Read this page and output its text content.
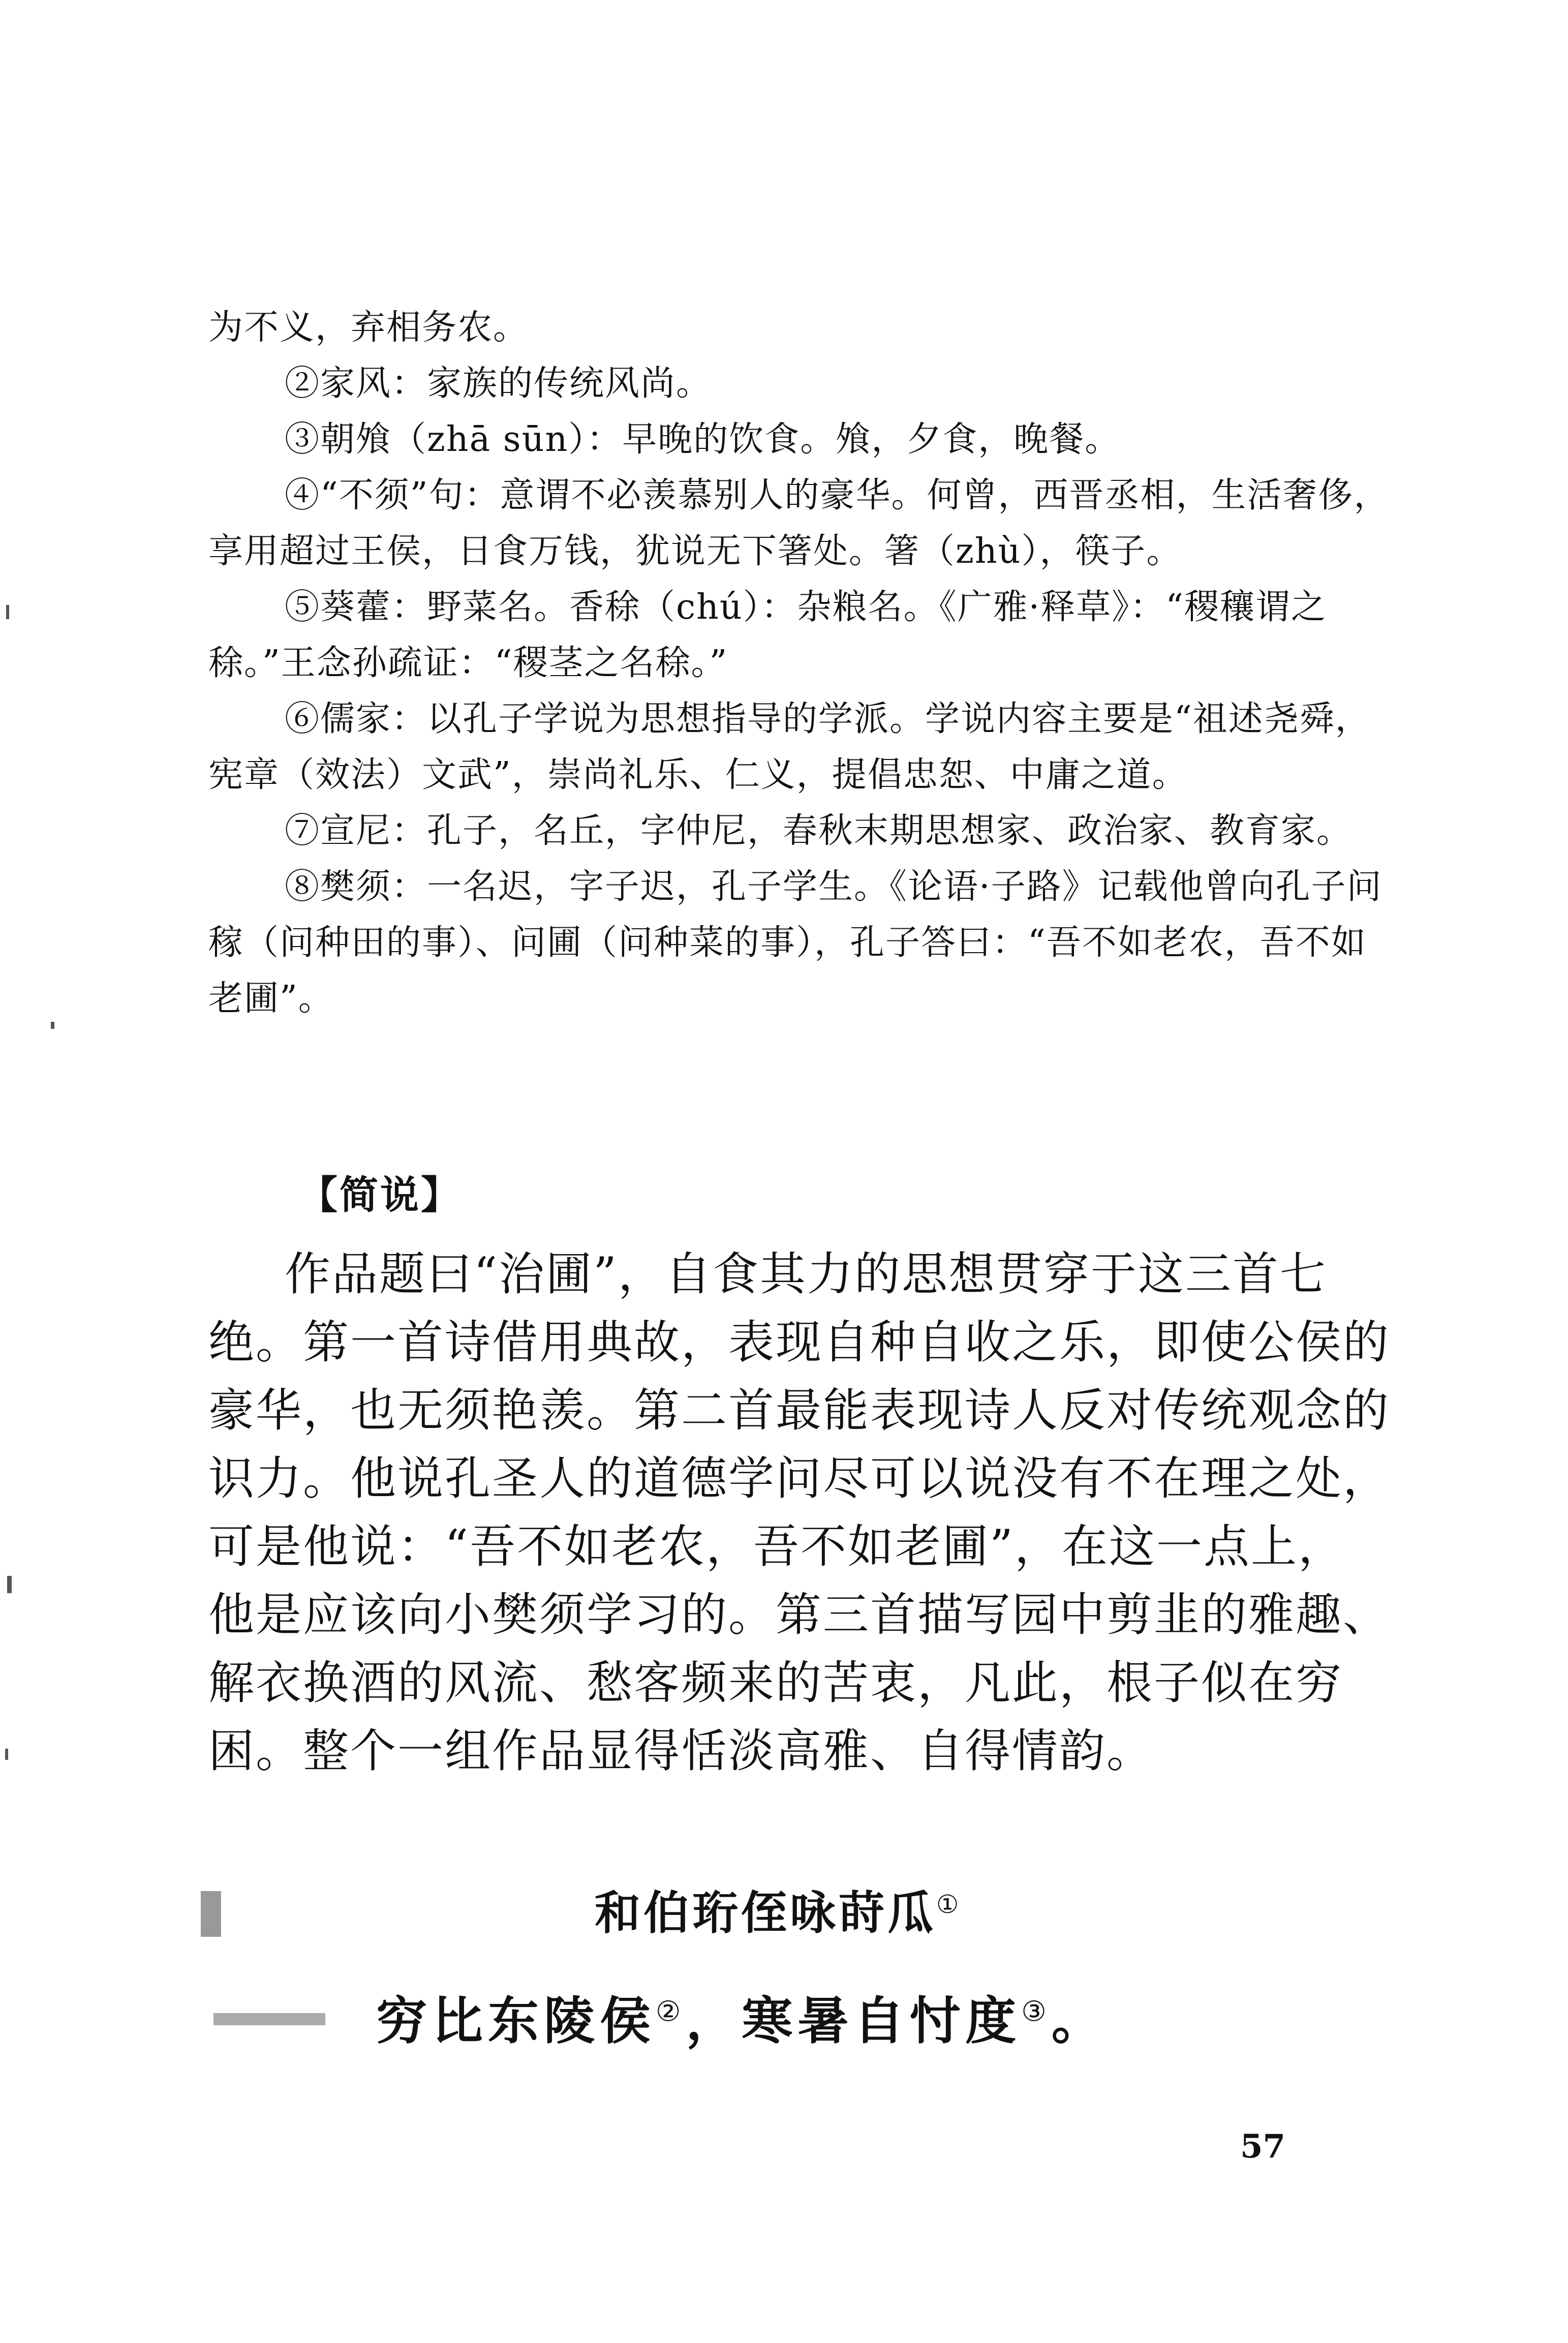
为不义，弃相务农。

②家风：家族的传统风尚。

③朝飧（zhā sūn）：早晚的饮食。飧，夕食，晚餐。

④“不须”句：意谓不必羡慕别人的豪华。何曾，西晋丞相，生活奢侈，享用超过王侯，日食万钱，犹说无下箸处。箸（zhù），筷子。

⑤葵藿：野菜名。香稌（chú）：杂粮名。《广雅·释草》：“稷穰谓之稌。”王念孙疏证：“稷茎之名稌。”

⑥儒家：以孔子学说为思想指导的学派。学说内容主要是“祖述尧舜，宪章（效法）文武”，崇尚礼乐、仁义，提倡忠恕、中庸之道。

⑦宣尼：孔子，名丘，字仲尼，春秋末期思想家、政治家、教育家。

⑧樊须：一名迟，字子迟，孔子学生。《论语·子路》记载他曾向孔子问稼（问种田的事）、问圃（问种菜的事），孔子答曰：“吾不如老农，吾不如老圃”。

【简说】

作品题曰“治圃”，自食其力的思想贯穿于这三首七绝。第一首诗借用典故，表现自种自收之乐，即使公侯的豪华，也无须艳羡。第二首最能表现诗人反对传统观念的识力。他说孔圣人的道德学问尽可以说没有不在理之处，可是他说：“吾不如老农，吾不如老圃”，在这一点上，他是应该向小樊须学习的。第三首描写园中剪韭的雅趣、解衣换酒的风流、愁客频来的苦衷，凡此，根子似在穷困。整个一组作品显得恬淡高雅、自得情韵。

和伯珩侄咏莳瓜①
穷比东陵侯②，寒暑自忖度③。
57
